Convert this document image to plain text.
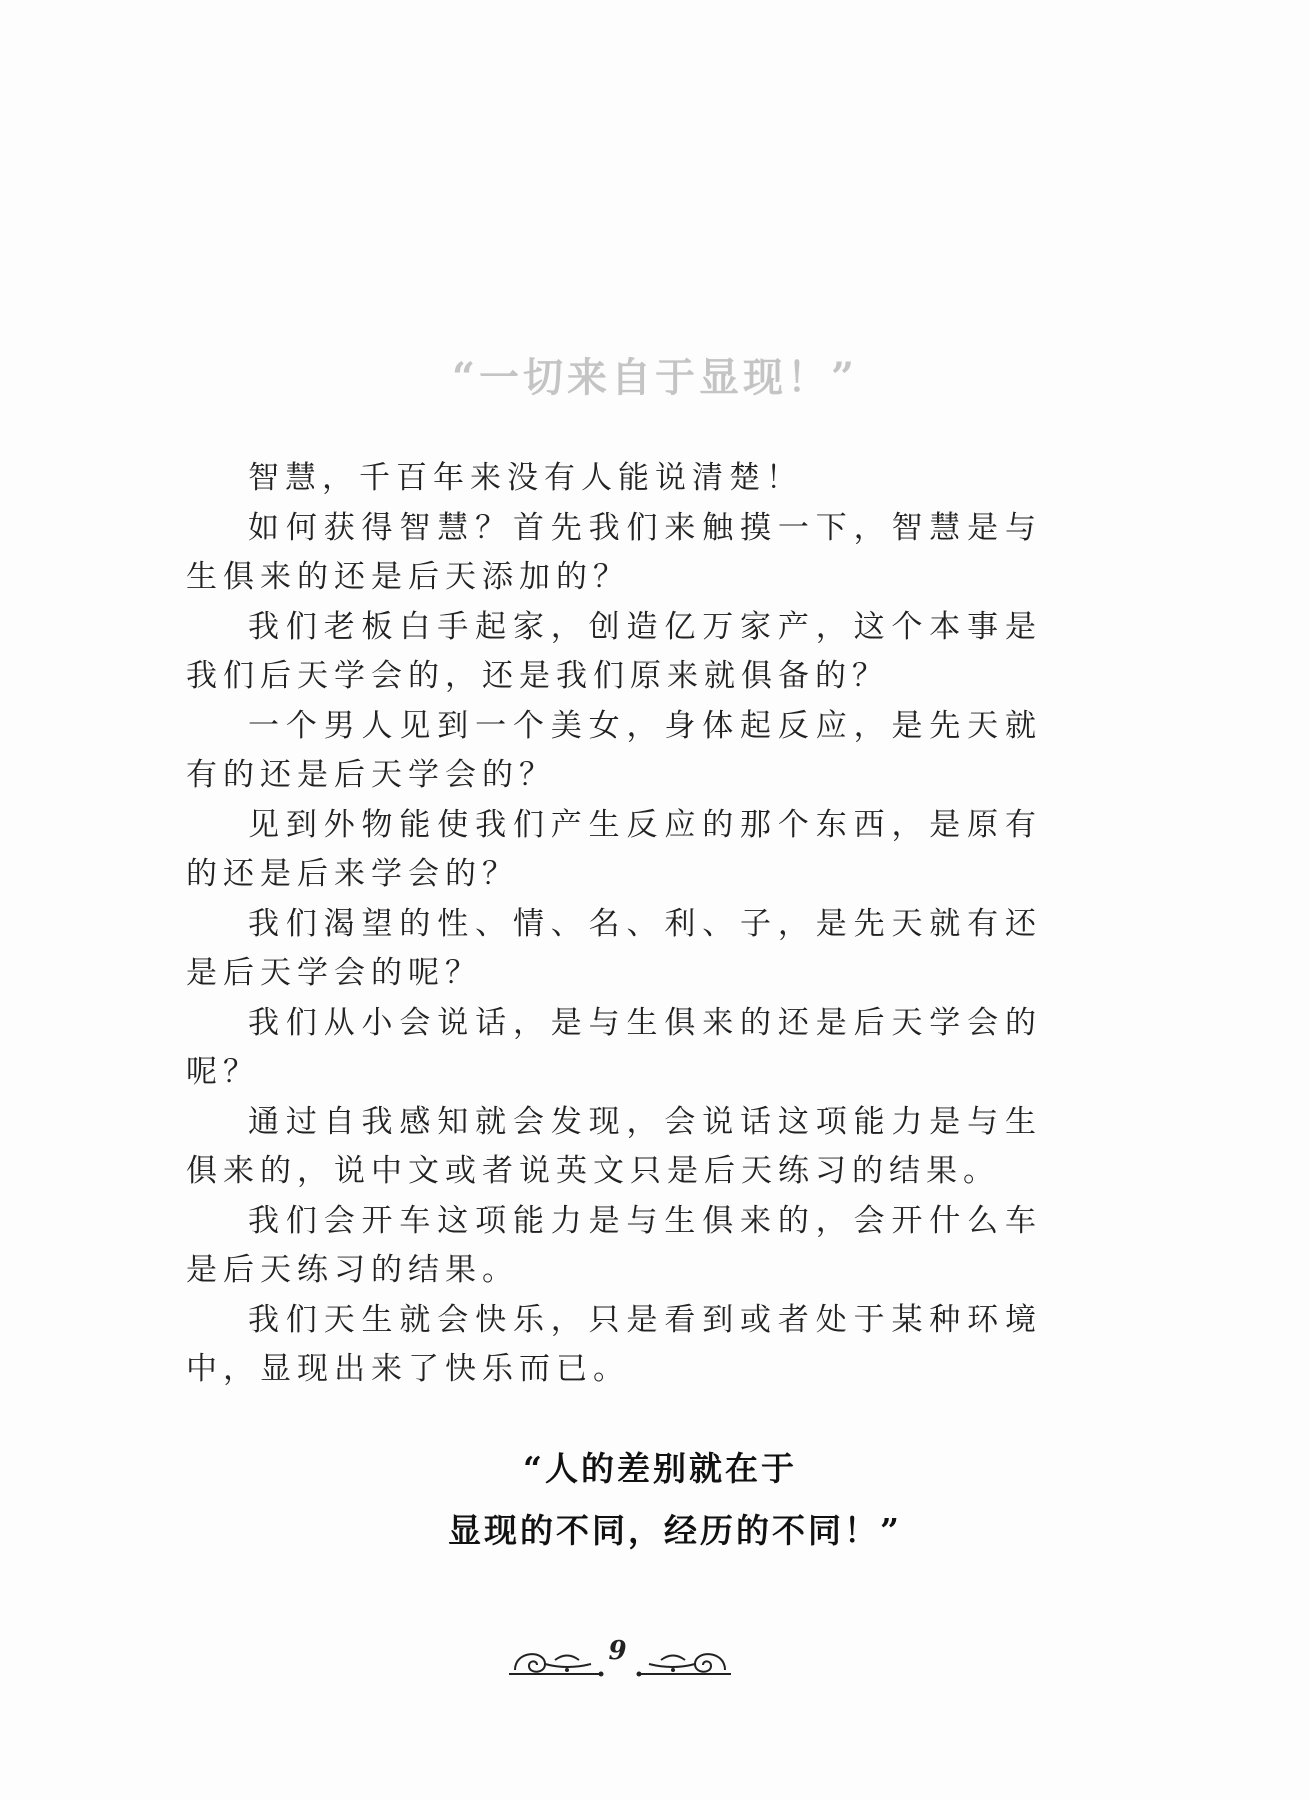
“一切来自于显现！”

智慧，千百年来没有人能说清楚！

如何获得智慧？首先我们来触摸一下，智慧是与生俱来的还是后天添加的？

我们老板白手起家，创造亿万家产，这个本事是我们后天学会的，还是我们原来就俱备的？

一个男人见到一个美女，身体起反应，是先天就有的还是后天学会的？

见到外物能使我们产生反应的那个东西，是原有的还是后来学会的？

我们渴望的性、情、名、利、子，是先天就有还是后天学会的呢？

我们从小会说话，是与生俱来的还是后天学会的呢？

通过自我感知就会发现，会说话这项能力是与生俱来的，说中文或者说英文只是后天练习的结果。

我们会开车这项能力是与生俱来的，会开什么车是后天练习的结果。

我们天生就会快乐，只是看到或者处于某种环境中，显现出来了快乐而已。

“人的差别就在于
显现的不同，经历的不同！”
9
